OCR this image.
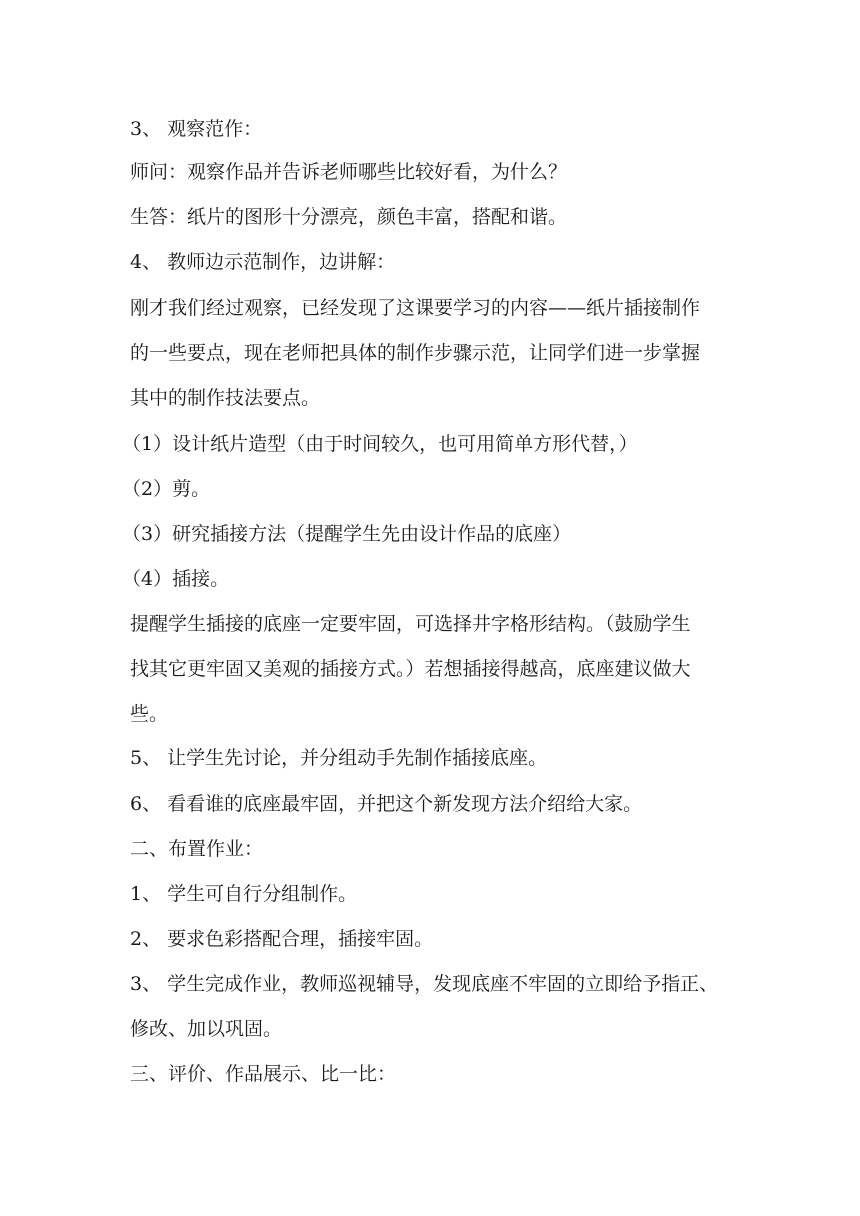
3、 观察范作：
师问：观察作品并告诉老师哪些比较好看，为什么？
生答：纸片的图形十分漂亮，颜色丰富，搭配和谐。
4、 教师边示范制作，边讲解：
刚才我们经过观察，已经发现了这课要学习的内容——纸片插接制作
的一些要点，现在老师把具体的制作步骤示范，让同学们进一步掌握
其中的制作技法要点。
（1）设计纸片造型（由于时间较久，也可用简单方形代替，）
（2）剪。
（3）研究插接方法（提醒学生先由设计作品的底座）
（4）插接。
提醒学生插接的底座一定要牢固，可选择井字格形结构。（鼓励学生
找其它更牢固又美观的插接方式。）若想插接得越高，底座建议做大
些。
5、 让学生先讨论，并分组动手先制作插接底座。
6、 看看谁的底座最牢固，并把这个新发现方法介绍给大家。
二、布置作业：
1、 学生可自行分组制作。
2、 要求色彩搭配合理，插接牢固。
3、 学生完成作业，教师巡视辅导，发现底座不牢固的立即给予指正、
修改、加以巩固。
三、评价、作品展示、比一比：
